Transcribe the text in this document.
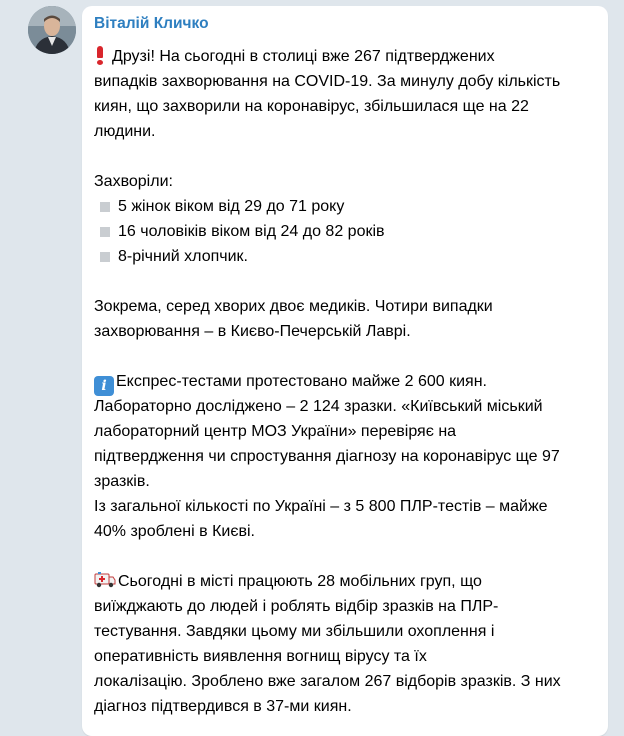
Віталій Кличко
Друзі! На сьогодні в столиці вже 267 підтверджених
випадків захворювання на COVID-19. За минулу добу кількість
киян, що захворили на коронавірус, збільшилася ще на 22
людини.
Захворіли:
5 жінок віком від 29 до 71 року
16 чоловіків віком від 24 до 82 років
8-річний хлопчик.
Зокрема, серед хворих двоє медиків. Чотири випадки
захворювання – в Києво-Печерській Лаврі.
i Експрес-тестами протестовано майже 2 600 киян.
Лабораторно досліджено – 2 124 зразки. «Київський міський
лабораторний центр МОЗ України» перевіряє на
підтвердження чи спростування діагнозу на коронавірус ще 97
зразків.
Із загальної кількості по Україні – з 5 800 ПЛР-тестів – майже
40% зроблені в Києві.
Сьогодні в місті працюють 28 мобільних груп, що
виїжджають до людей і роблять відбір зразків на ПЛР-
тестування. Завдяки цьому ми збільшили охоплення і
оперативність виявлення вогнищ вірусу та їх
локалізацію. Зроблено вже загалом 267 відборів зразків. З них
діагноз підтвердився в 37-ми киян.
